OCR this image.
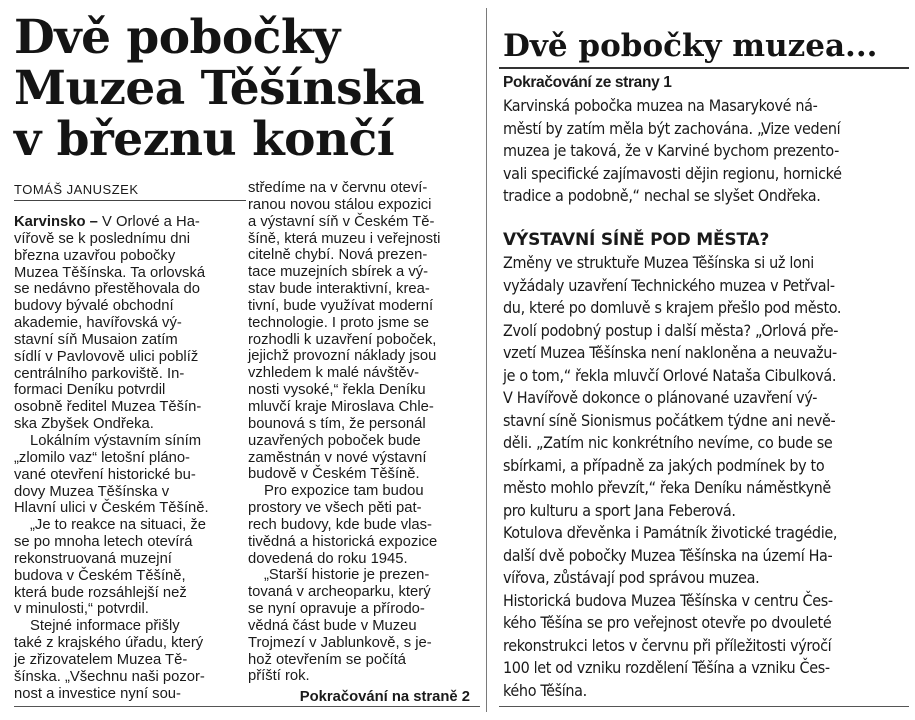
Dvě pobočky
Muzea Těšínska
v březnu končí
TOMÁŠ JANUSZEK
Karvinsko – V Orlové a Ha-
vířově se k poslednímu dni
března uzavřou pobočky
Muzea Těšínska. Ta orlovská
se nedávno přestěhovala do
budovy bývalé obchodní
akademie, havířovská vý-
stavní síň Musaion zatím
sídlí v Pavlovově ulici poblíž
centrálního parkoviště. In-
formaci Deníku potvrdil
osobně ředitel Muzea Těšín-
ska Zbyšek Ondřeka.
Lokálním výstavním síním
„zlomilo vaz“ letošní pláno-
vané otevření historické bu-
dovy Muzea Těšínska v
Hlavní ulici v Českém Těšíně.
„Je to reakce na situaci, že
se po mnoha letech otevírá
rekonstruovaná muzejní
budova v Českém Těšíně,
která bude rozsáhlejší než
v minulosti,“ potvrdil.
Stejné informace přišly
také z krajského úřadu, který
je zřizovatelem Muzea Tě-
šínska. „Všechnu naši pozor-
nost a investice nyní sou-
středíme na v červnu oteví-
ranou novou stálou expozici
a výstavní síň v Českém Tě-
šíně, která muzeu i veřejnosti
citelně chybí. Nová prezen-
tace muzejních sbírek a vý-
stav bude interaktivní, krea-
tivní, bude využívat moderní
technologie. I proto jsme se
rozhodli k uzavření poboček,
jejichž provozní náklady jsou
vzhledem k malé návštěv-
nosti vysoké,“ řekla Deníku
mluvčí kraje Miroslava Chle-
bounová s tím, že personál
uzavřených poboček bude
zaměstnán v nové výstavní
budově v Českém Těšíně.
Pro expozice tam budou
prostory ve všech pěti pat-
rech budovy, kde bude vlas-
tivědná a historická expozice
dovedená do roku 1945.
„Starší historie je prezen-
tovaná v archeoparku, který
se nyní opravuje a přírodo-
vědná část bude v Muzeu
Trojmezí v Jablunkově, s je-
hož otevřením se počítá
příští rok.
Pokračování na straně 2
Dvě pobočky muzea...
Pokračování ze strany 1
Karvinská pobočka muzea na Masarykové ná-
městí by zatím měla být zachována. „Vize vedení
muzea je taková, že v Karviné bychom prezento-
vali specifické zajímavosti dějin regionu, hornické
tradice a podobně,“ nechal se slyšet Ondřeka.
VÝSTAVNÍ SÍNĚ POD MĚSTA?
Změny ve struktuře Muzea Těšínska si už loni
vyžádaly uzavření Technického muzea v Petřval-
du, které po domluvě s krajem přešlo pod město.
Zvolí podobný postup i další města? „Orlová pře-
vzetí Muzea Těšínska není nakloněna a neuvažu-
je o tom,“ řekla mluvčí Orlové Nataša Cibulková.
V Havířově dokonce o plánované uzavření vý-
stavní síně Sionismus počátkem týdne ani nevě-
děli. „Zatím nic konkrétního nevíme, co bude se
sbírkami, a případně za jakých podmínek by to
město mohlo převzít,“ řeka Deníku náměstkyně
pro kulturu a sport Jana Feberová.
Kotulova dřevěnka i Památník životické tragédie,
další dvě pobočky Muzea Těšínska na území Ha-
vířova, zůstávají pod správou muzea.
Historická budova Muzea Těšínska v centru Čes-
kého Těšína se pro veřejnost otevře po dvouleté
rekonstrukci letos v červnu při příležitosti výročí
100 let od vzniku rozdělení Těšína a vzniku Čes-
kého Těšína.
